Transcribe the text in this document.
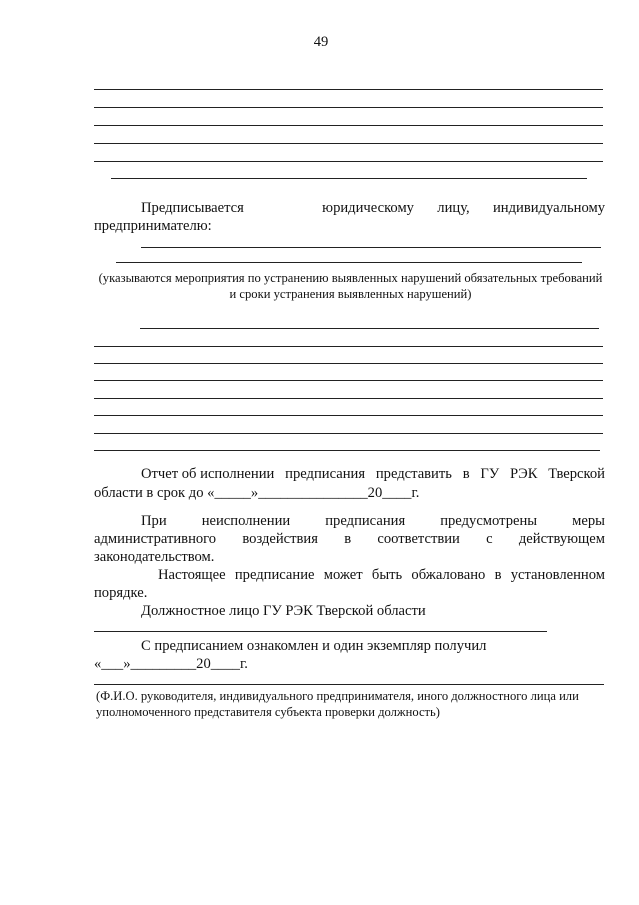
49
Предписывается	юридическому лицу, индивидуальному
предпринимателю:
(указываются мероприятия по устранению выявленных нарушений обязательных требований
и сроки устранения выявленных нарушений)
Отчет об исполнении предписания представить в ГУ РЭК Тверской
области в срок до «_____»_______________20____г.
При неисполнении предписания предусмотрены меры
административного воздействия в соответствии с действующем
законодательством.
Настоящее предписание может быть обжаловано в установленном
порядке.
Должностное лицо ГУ РЭК Тверской области
С предписанием ознакомлен и один экземпляр получил
«___»_________20____г.
(Ф.И.О. руководителя, индивидуального предпринимателя, иного должностного лица или
уполномоченного представителя субъекта проверки должность)
